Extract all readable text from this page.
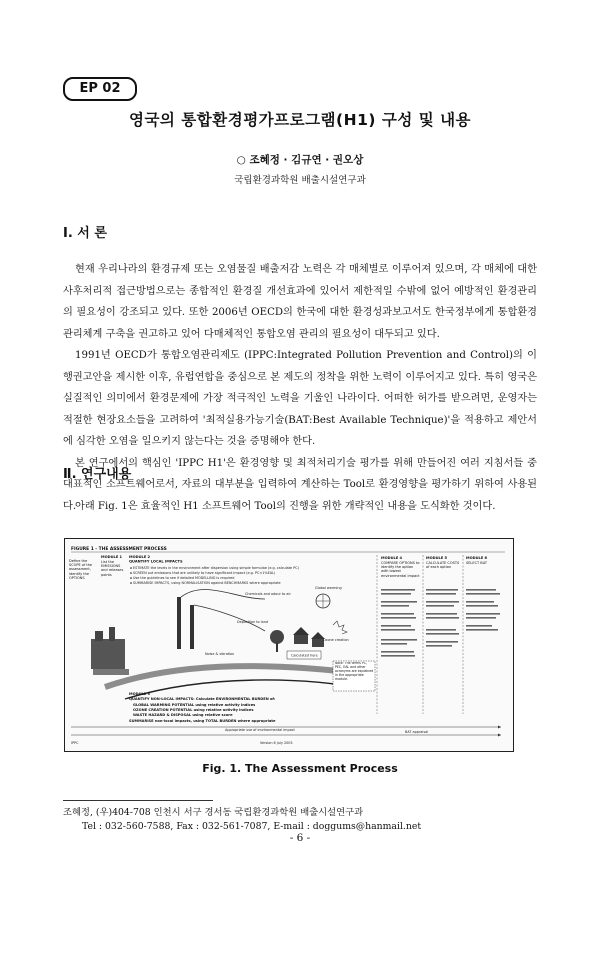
EP 02
영국의 통합환경평가프로그램(H1) 구성 및 내용
○ 조혜정 · 김규연 · 권오상
국립환경과학원 배출시설연구과
Ⅰ. 서 론

현재 우리나라의 환경규제 또는 오염물질 배출저감 노력은 각 매체별로 이루어져 있으며, 각 매체에 대한 사후처리적 접근방법으로는 종합적인 환경질 개선효과에 있어서 제한적일 수밖에 없어 예방적인 환경관리의 필요성이 강조되고 있다. 또한 2006년 OECD의 한국에 대한 환경성과보고서도 한국정부에게 통합환경관리체계 구축을 권고하고 있어 다매체적인 통합오염 관리의 필요성이 대두되고 있다.

1991년 OECD가 통합오염관리제도 (IPPC:Integrated Pollution Prevention and Control)의 이행권고안을 제시한 이후, 유럽연합을 중심으로 본 제도의 정착을 위한 노력이 이루어지고 있다. 특히 영국은 실질적인 의미에서 환경문제에 가장 적극적인 노력을 기울인 나라이다. 어떠한 허가를 받으려면, 운영자는 적절한 현장요소들을 고려하여 '최적실용가능기술(BAT:Best Available Technique)'을 적용하고 제안서에 심각한 오염을 일으키지 않는다는 것을 증명해야 한다.

본 연구에서의 핵심인 'IPPC H1'은 환경영향 및 최적처리기술 평가를 위해 만들어진 여러 지침서들 중 대표적인 소프트웨어로서, 자료의 대부분을 입력하여 계산하는 Tool로 환경영향을 평가하기 위하여 사용된다.

Ⅱ. 연구내용

아래 Fig. 1은 효율적인 H1 소프트웨어 Tool의 진행을 위한 개략적인 내용을 도식화한 것이다.

FIGURE 1 - THE ASSESSMENT PROCESS
Define the SCOPE of the assessment, identify the OPTIONS
MODULE 1
List the EMISSIONS and releases points
MODULE 2
QUANTIFY LOCAL IMPACTS
ESTIMATE the levels in the environment after dispersion using simple formulae (e.g. calculate PC)
SCREEN out emissions that are unlikely to have significant impact (e.g. PC<1%EAL)
Use the guidelines to see if detailed MODELLING is required
SUMMARISE IMPACTS, using NORMALISATION against BENCHMARKS where appropriate
MODULE 4
COMPARE OPTIONS to identify the option with lowest environmental impact
MODULE 5
CALCULATE COSTS of each option
MODULE 6
SELECT BAT
Global warming
Ozone creation
Chemicals and odour to air
Deposition to land
Noise & vibration	Calculated here
Note: The terms PC, PEC, EAL and other acronyms are explained in the appropriate module.
MODULE 3
QUANTIFY NON-LOCAL IMPACTS: Calculate ENVIRONMENTAL BURDEN of:
GLOBAL WARMING POTENTIAL using relative activity indices
OZONE CREATION POTENTIAL using relative activity indices
WASTE HAZARD & DISPOSAL using relative score
SUMMARISE non-local impacts, using TOTAL BURDEN where appropriate
Appropriate use of environmental impact
IPPC	Version 6 July 2003
BAT appraisal
Fig. 1. The Assessment Process
조혜정, (우)404-708 인천시 서구 경서동 국립환경과학원 배출시설연구과
Tel : 032-560-7588, Fax : 032-561-7087, E-mail : doggums@hanmail.net
- 6 -
